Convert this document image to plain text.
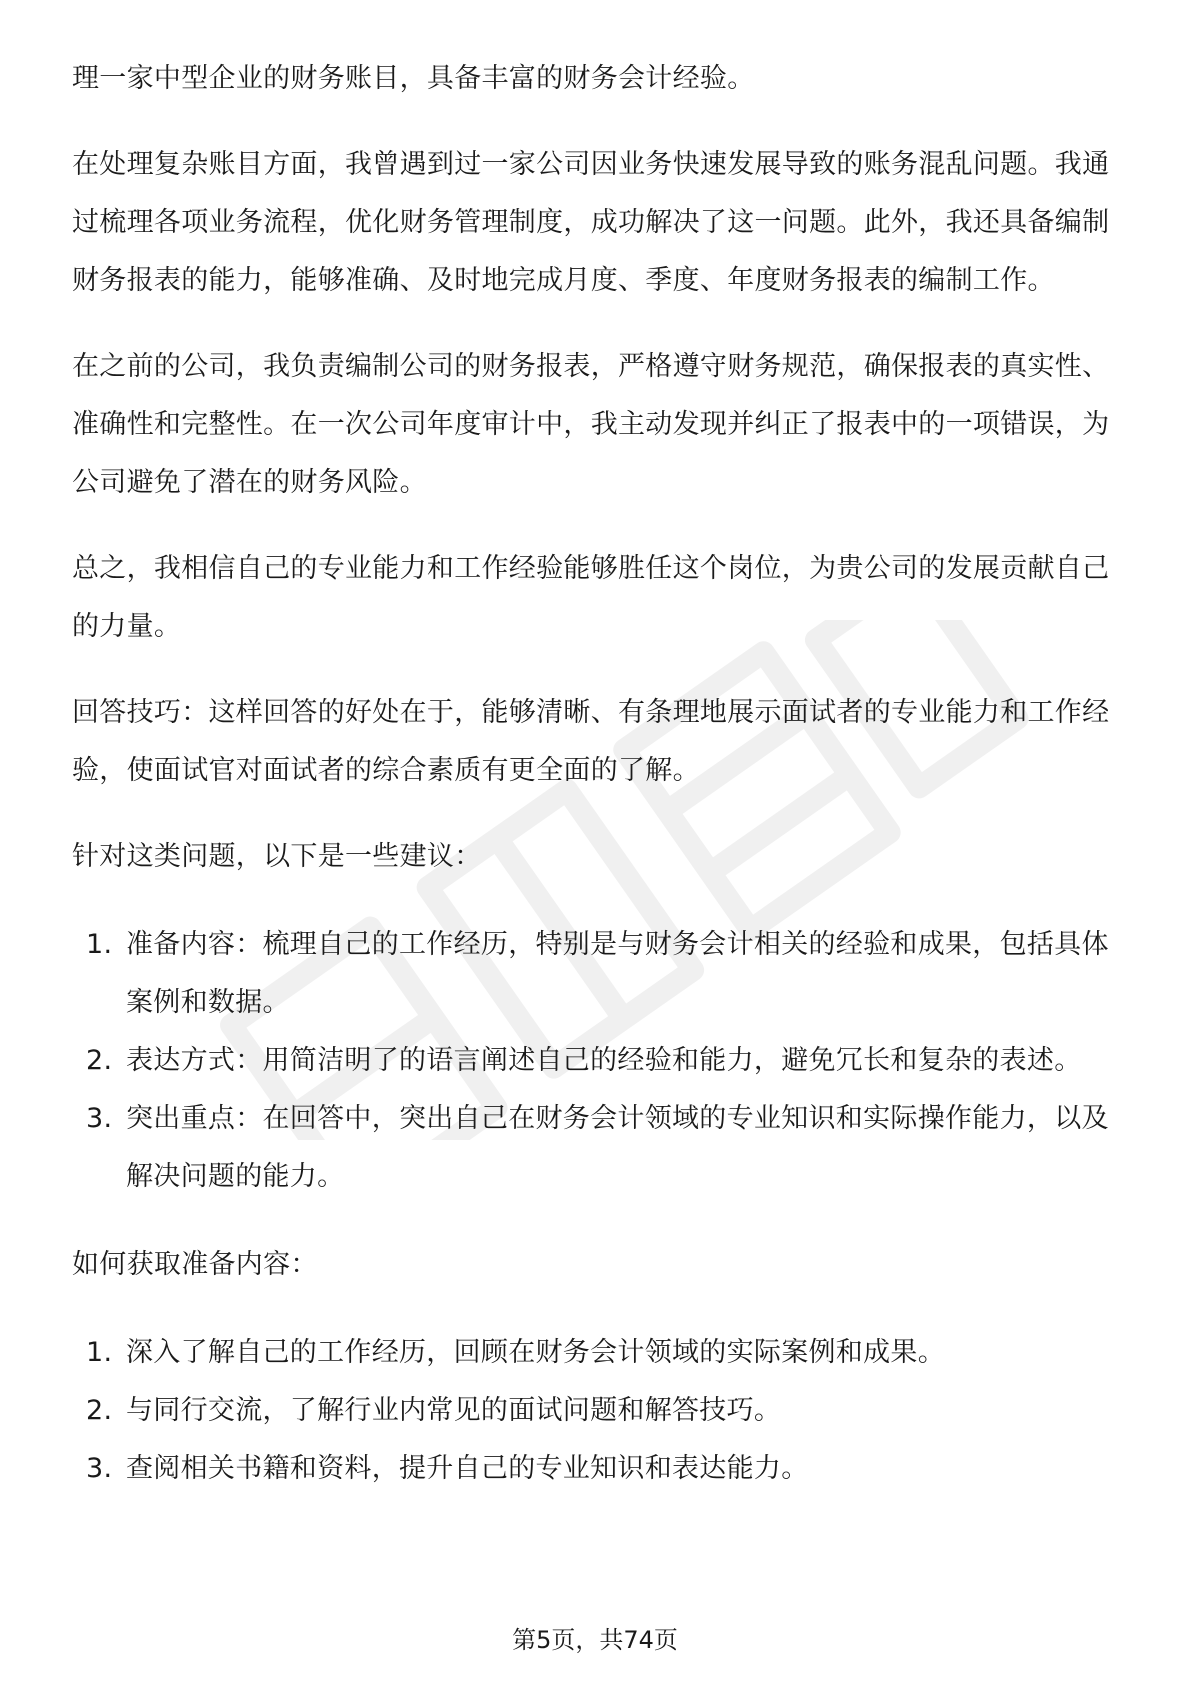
理一家中型企业的财务账目，具备丰富的财务会计经验。

在处理复杂账目方面，我曾遇到过一家公司因业务快速发展导致的账务混乱问题。我通过梳理各项业务流程，优化财务管理制度，成功解决了这一问题。此外，我还具备编制财务报表的能力，能够准确、及时地完成月度、季度、年度财务报表的编制工作。

在之前的公司，我负责编制公司的财务报表，严格遵守财务规范，确保报表的真实性、准确性和完整性。在一次公司年度审计中，我主动发现并纠正了报表中的一项错误，为公司避免了潜在的财务风险。

总之，我相信自己的专业能力和工作经验能够胜任这个岗位，为贵公司的发展贡献自己的力量。

回答技巧：这样回答的好处在于，能够清晰、有条理地展示面试者的专业能力和工作经验，使面试官对面试者的综合素质有更全面的了解。

针对这类问题，以下是一些建议：

1. 准备内容：梳理自己的工作经历，特别是与财务会计相关的经验和成果，包括具体案例和数据。
2. 表达方式：用简洁明了的语言阐述自己的经验和能力，避免冗长和复杂的表述。
3. 突出重点：在回答中，突出自己在财务会计领域的专业知识和实际操作能力，以及解决问题的能力。

如何获取准备内容：

1. 深入了解自己的工作经历，回顾在财务会计领域的实际案例和成果。
2. 与同行交流，了解行业内常见的面试问题和解答技巧。
3. 查阅相关书籍和资料，提升自己的专业知识和表达能力。
第5页，共74页
